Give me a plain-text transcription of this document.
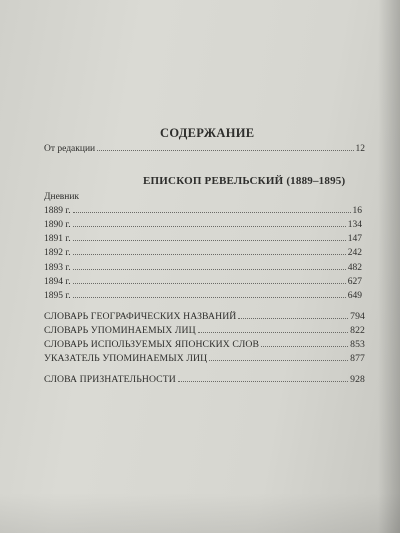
СОДЕРЖАНИЕ
От редакции	12
ЕПИСКОП РЕВЕЛЬСКИЙ (1889–1895)
Дневник
1889 г.	16
1890 г.	134
1891 г.	147
1892 г.	242
1893 г.	482
1894 г.	627
1895 г.	649
СЛОВАРЬ ГЕОГРАФИЧЕСКИХ НАЗВАНИЙ	794
СЛОВАРЬ УПОМИНАЕМЫХ ЛИЦ	822
СЛОВАРЬ ИСПОЛЬЗУЕМЫХ ЯПОНСКИХ СЛОВ	853
УКАЗАТЕЛЬ УПОМИНАЕМЫХ ЛИЦ	877
СЛОВА ПРИЗНАТЕЛЬНОСТИ	928
